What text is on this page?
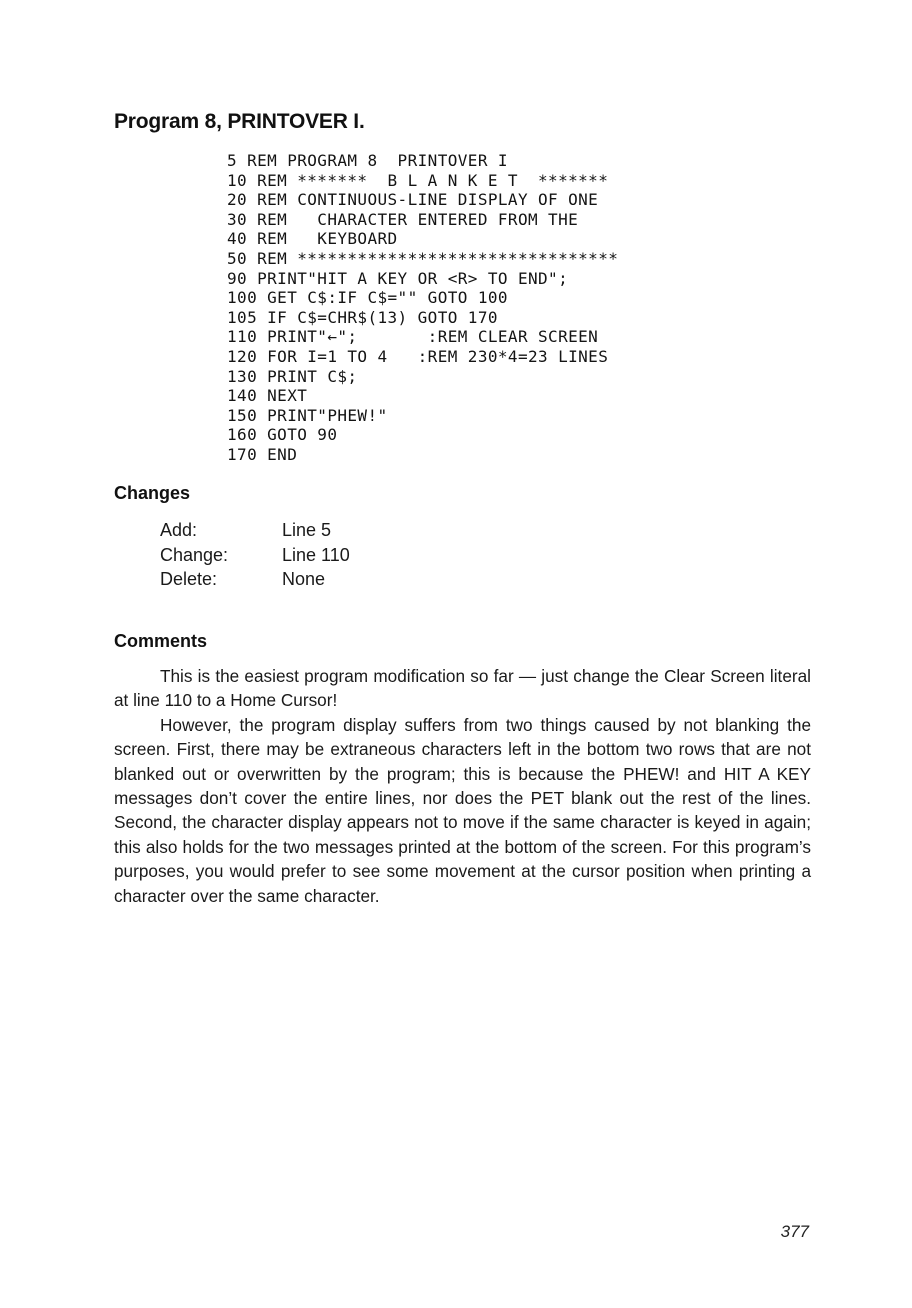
Program 8, PRINTOVER I.
5 REM PROGRAM 8  PRINTOVER I
10 REM *******  B L A N K E T  *******
20 REM CONTINUOUS-LINE DISPLAY OF ONE
30 REM   CHARACTER ENTERED FROM THE
40 REM   KEYBOARD
50 REM ********************************
90 PRINT"HIT A KEY OR <R> TO END";
100 GET C$:IF C$="" GOTO 100
105 IF C$=CHR$(13) GOTO 170
110 PRINT"←";       :REM CLEAR SCREEN
120 FOR I=1 TO 4   :REM 230*4=23 LINES
130 PRINT C$;
140 NEXT
150 PRINT"PHEW!"
160 GOTO 90
170 END
Changes
Add:	Line 5
Change:	Line 110
Delete:	None
Comments

This is the easiest program modification so far — just change the Clear Screen literal at line 110 to a Home Cursor!

However, the program display suffers from two things caused by not blanking the screen. First, there may be extraneous characters left in the bottom two rows that are not blanked out or overwritten by the program; this is because the PHEW! and HIT A KEY messages don’t cover the entire lines, nor does the PET blank out the rest of the lines. Second, the character display appears not to move if the same character is keyed in again; this also holds for the two messages printed at the bottom of the screen. For this program’s purposes, you would prefer to see some movement at the cursor position when printing a character over the same character.

377
